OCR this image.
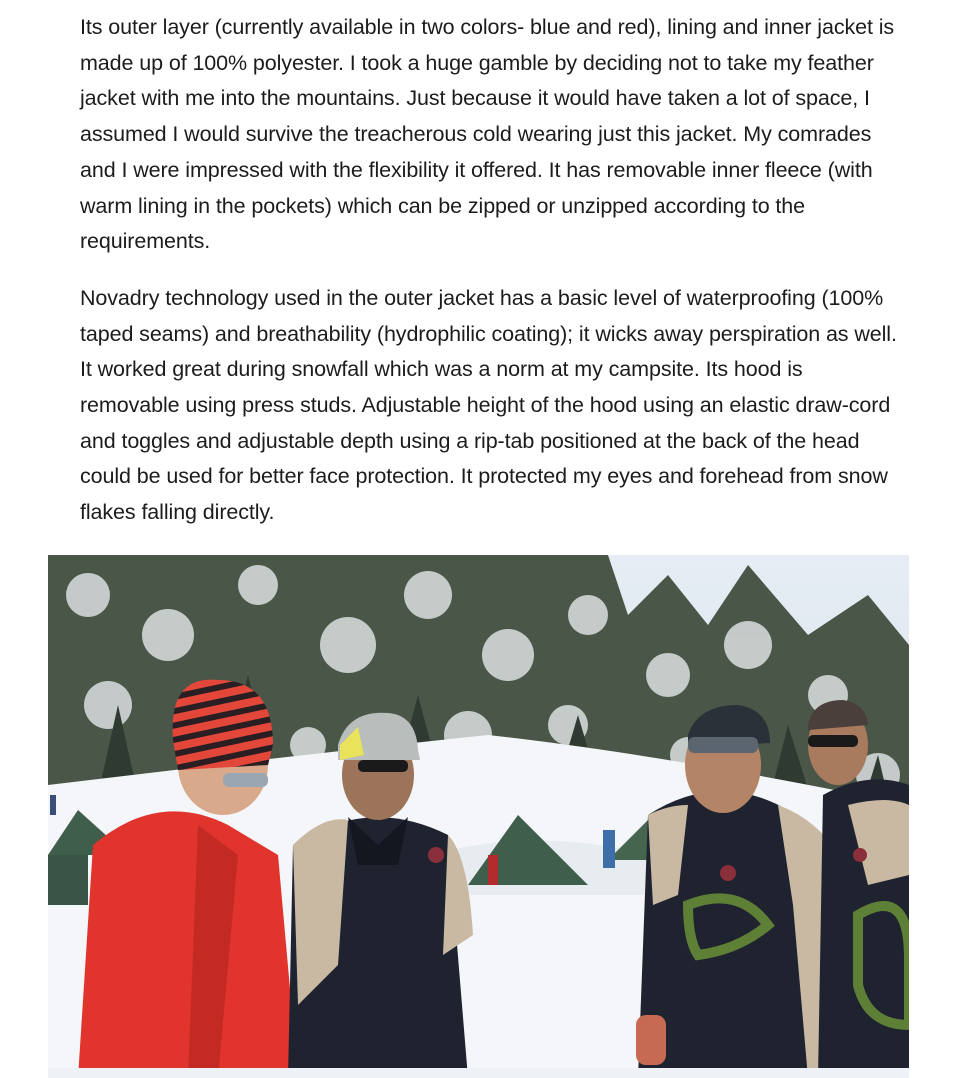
Its outer layer (currently available in two colors- blue and red), lining and inner jacket is made up of 100% polyester. I took a huge gamble by deciding not to take my feather jacket with me into the mountains. Just because it would have taken a lot of space, I assumed I would survive the treacherous cold wearing just this jacket. My comrades and I were impressed with the flexibility it offered. It has removable inner fleece (with warm lining in the pockets) which can be zipped or unzipped according to the requirements.

Novadry technology used in the outer jacket has a basic level of waterproofing (100% taped seams) and breathability (hydrophilic coating); it wicks away perspiration as well. It worked great during snowfall which was a norm at my campsite. Its hood is removable using press studs. Adjustable height of the hood using an elastic draw-cord and toggles and adjustable depth using a rip-tab positioned at the back of the head could be used for better face protection. It protected my eyes and forehead from snow flakes falling directly.
